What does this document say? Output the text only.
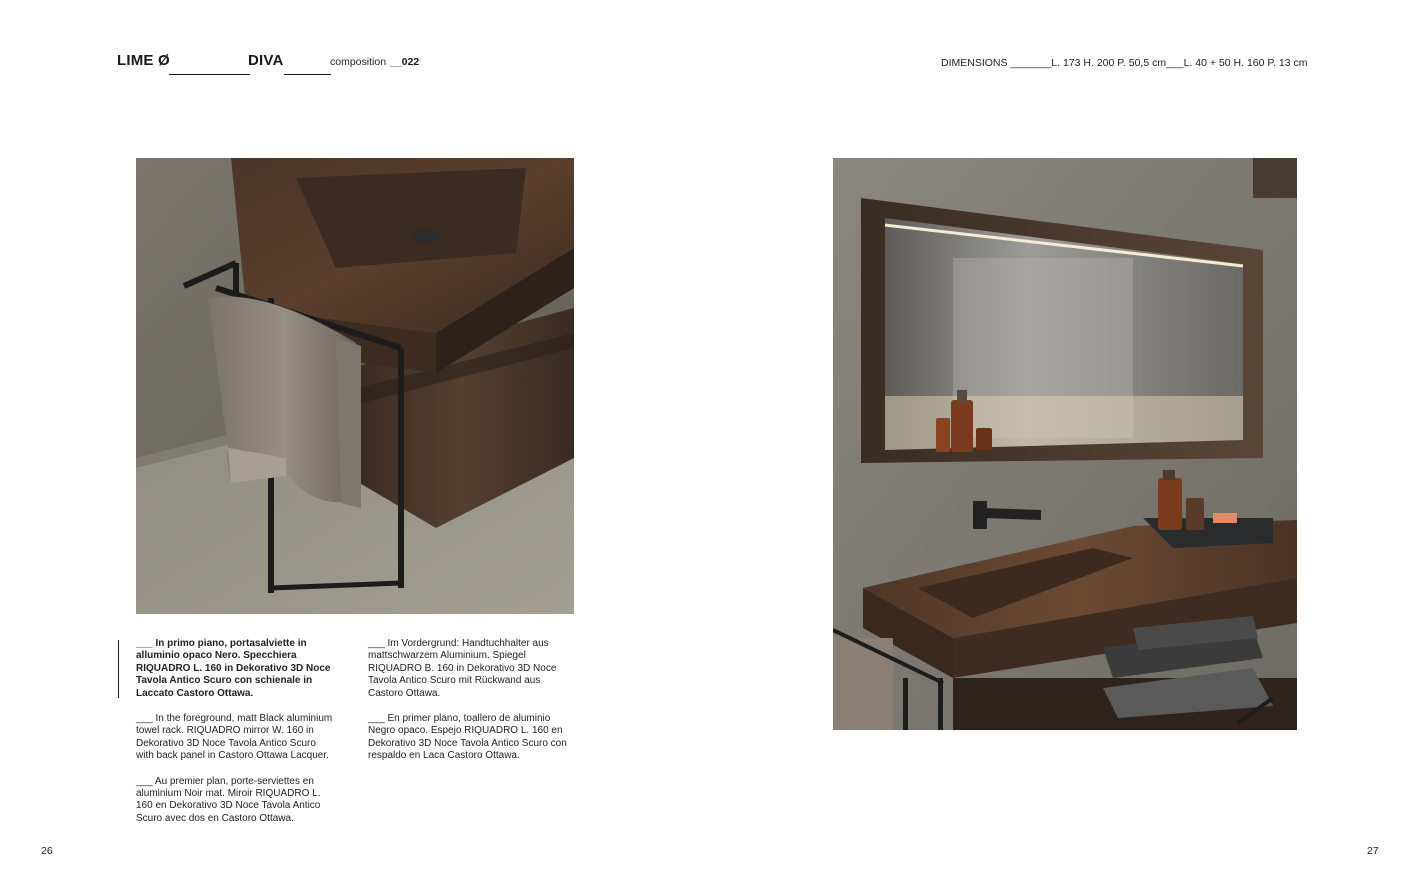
LIME Ø	DIVA	composition __022	DIMENSIONS _______L. 173 H. 200 P. 50,5 cm___L. 40 + 50 H. 160 P. 13 cm

___ In primo piano, portasalviette in alluminio opaco Nero. Specchiera RIQUADRO L. 160 in Dekorativo 3D Noce Tavola Antico Scuro con schienale in Laccato Castoro Ottawa.

___ In the foreground, matt Black aluminium towel rack. RIQUADRO mirror W. 160 in Dekorativo 3D Noce Tavola Antico Scuro with back panel in Castoro Ottawa Lacquer.

___ Au premier plan, porte-serviettes en aluminium Noir mat. Miroir RIQUADRO L. 160 en Dekorativo 3D Noce Tavola Antico Scuro avec dos en Castoro Ottawa.

___ Im Vordergrund: Handtuchhalter aus mattschwarzem Aluminium. Spiegel RIQUADRO B. 160 in Dekorativo 3D Noce Tavola Antico Scuro mit Rückwand aus Castoro Ottawa.

___ En primer plano, toallero de aluminio Negro opaco. Espejo RIQUADRO L. 160 en Dekorativo 3D Noce Tavola Antico Scuro con respaldo en Laca Castoro Ottawa.

26	27
